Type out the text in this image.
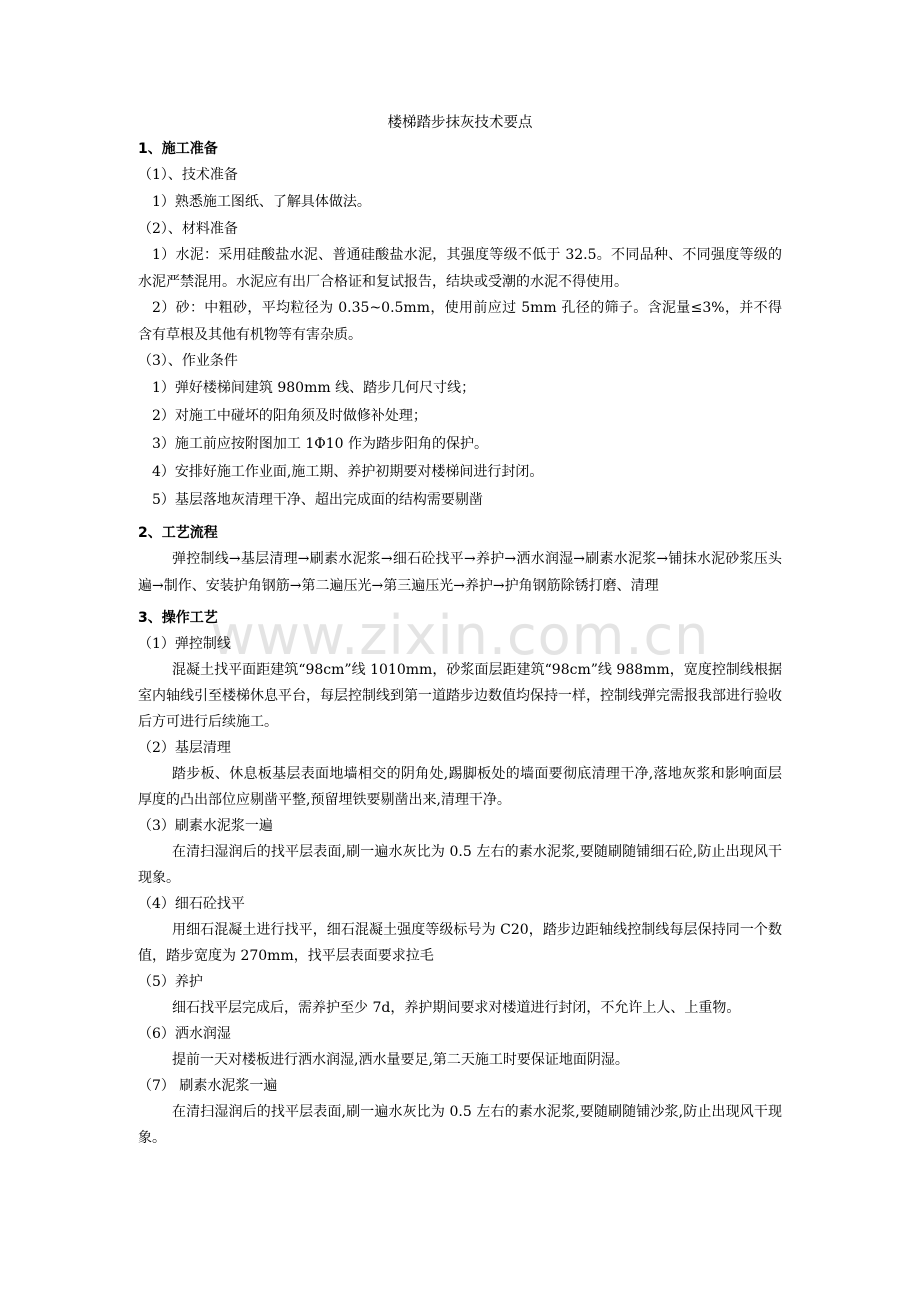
www.zixin.com.cn

楼梯踏步抹灰技术要点

1、施工准备

（1）、技术准备

1）熟悉施工图纸、了解具体做法。

（2）、材料准备

1）水泥：采用硅酸盐水泥、普通硅酸盐水泥，其强度等级不低于 32.5。不同品种、不同强度等级的水泥严禁混用。水泥应有出厂合格证和复试报告，结块或受潮的水泥不得使用。

2）砂：中粗砂，平均粒径为 0.35~0.5mm，使用前应过 5mm 孔径的筛子。含泥量≤3%，并不得含有草根及其他有机物等有害杂质。

（3）、作业条件

1）弹好楼梯间建筑 980mm 线、踏步几何尺寸线；

2）对施工中碰坏的阳角须及时做修补处理；

3）施工前应按附图加工 1Φ10 作为踏步阳角的保护。

4）安排好施工作业面,施工期、养护初期要对楼梯间进行封闭。

5）基层落地灰清理干净、超出完成面的结构需要剔凿

2、工艺流程

弹控制线→基层清理→刷素水泥浆→细石砼找平→养护→洒水润湿→刷素水泥浆→铺抹水泥砂浆压头遍→制作、安装护角钢筋→第二遍压光→第三遍压光→养护→护角钢筋除锈打磨、清理

3、操作工艺

（1）弹控制线

混凝土找平面距建筑“98cm”线 1010mm，砂浆面层距建筑“98cm”线 988mm，宽度控制线根据室内轴线引至楼梯休息平台，每层控制线到第一道踏步边数值均保持一样，控制线弹完需报我部进行验收后方可进行后续施工。

（2）基层清理

踏步板、休息板基层表面地墙相交的阴角处,踢脚板处的墙面要彻底清理干净,落地灰浆和影响面层厚度的凸出部位应剔凿平整,预留埋铁要剔凿出来,清理干净。

（3）刷素水泥浆一遍

在清扫湿润后的找平层表面,刷一遍水灰比为 0.5 左右的素水泥浆,要随刷随铺细石砼,防止出现风干现象。

（4）细石砼找平

用细石混凝土进行找平，细石混凝土强度等级标号为 C20，踏步边距轴线控制线每层保持同一个数值，踏步宽度为 270mm，找平层表面要求拉毛

（5）养护

细石找平层完成后，需养护至少 7d，养护期间要求对楼道进行封闭，不允许上人、上重物。

（6）洒水润湿

提前一天对楼板进行洒水润湿,洒水量要足,第二天施工时要保证地面阴湿。

（7） 刷素水泥浆一遍

在清扫湿润后的找平层表面,刷一遍水灰比为 0.5 左右的素水泥浆,要随刷随铺沙浆,防止出现风干现象。
